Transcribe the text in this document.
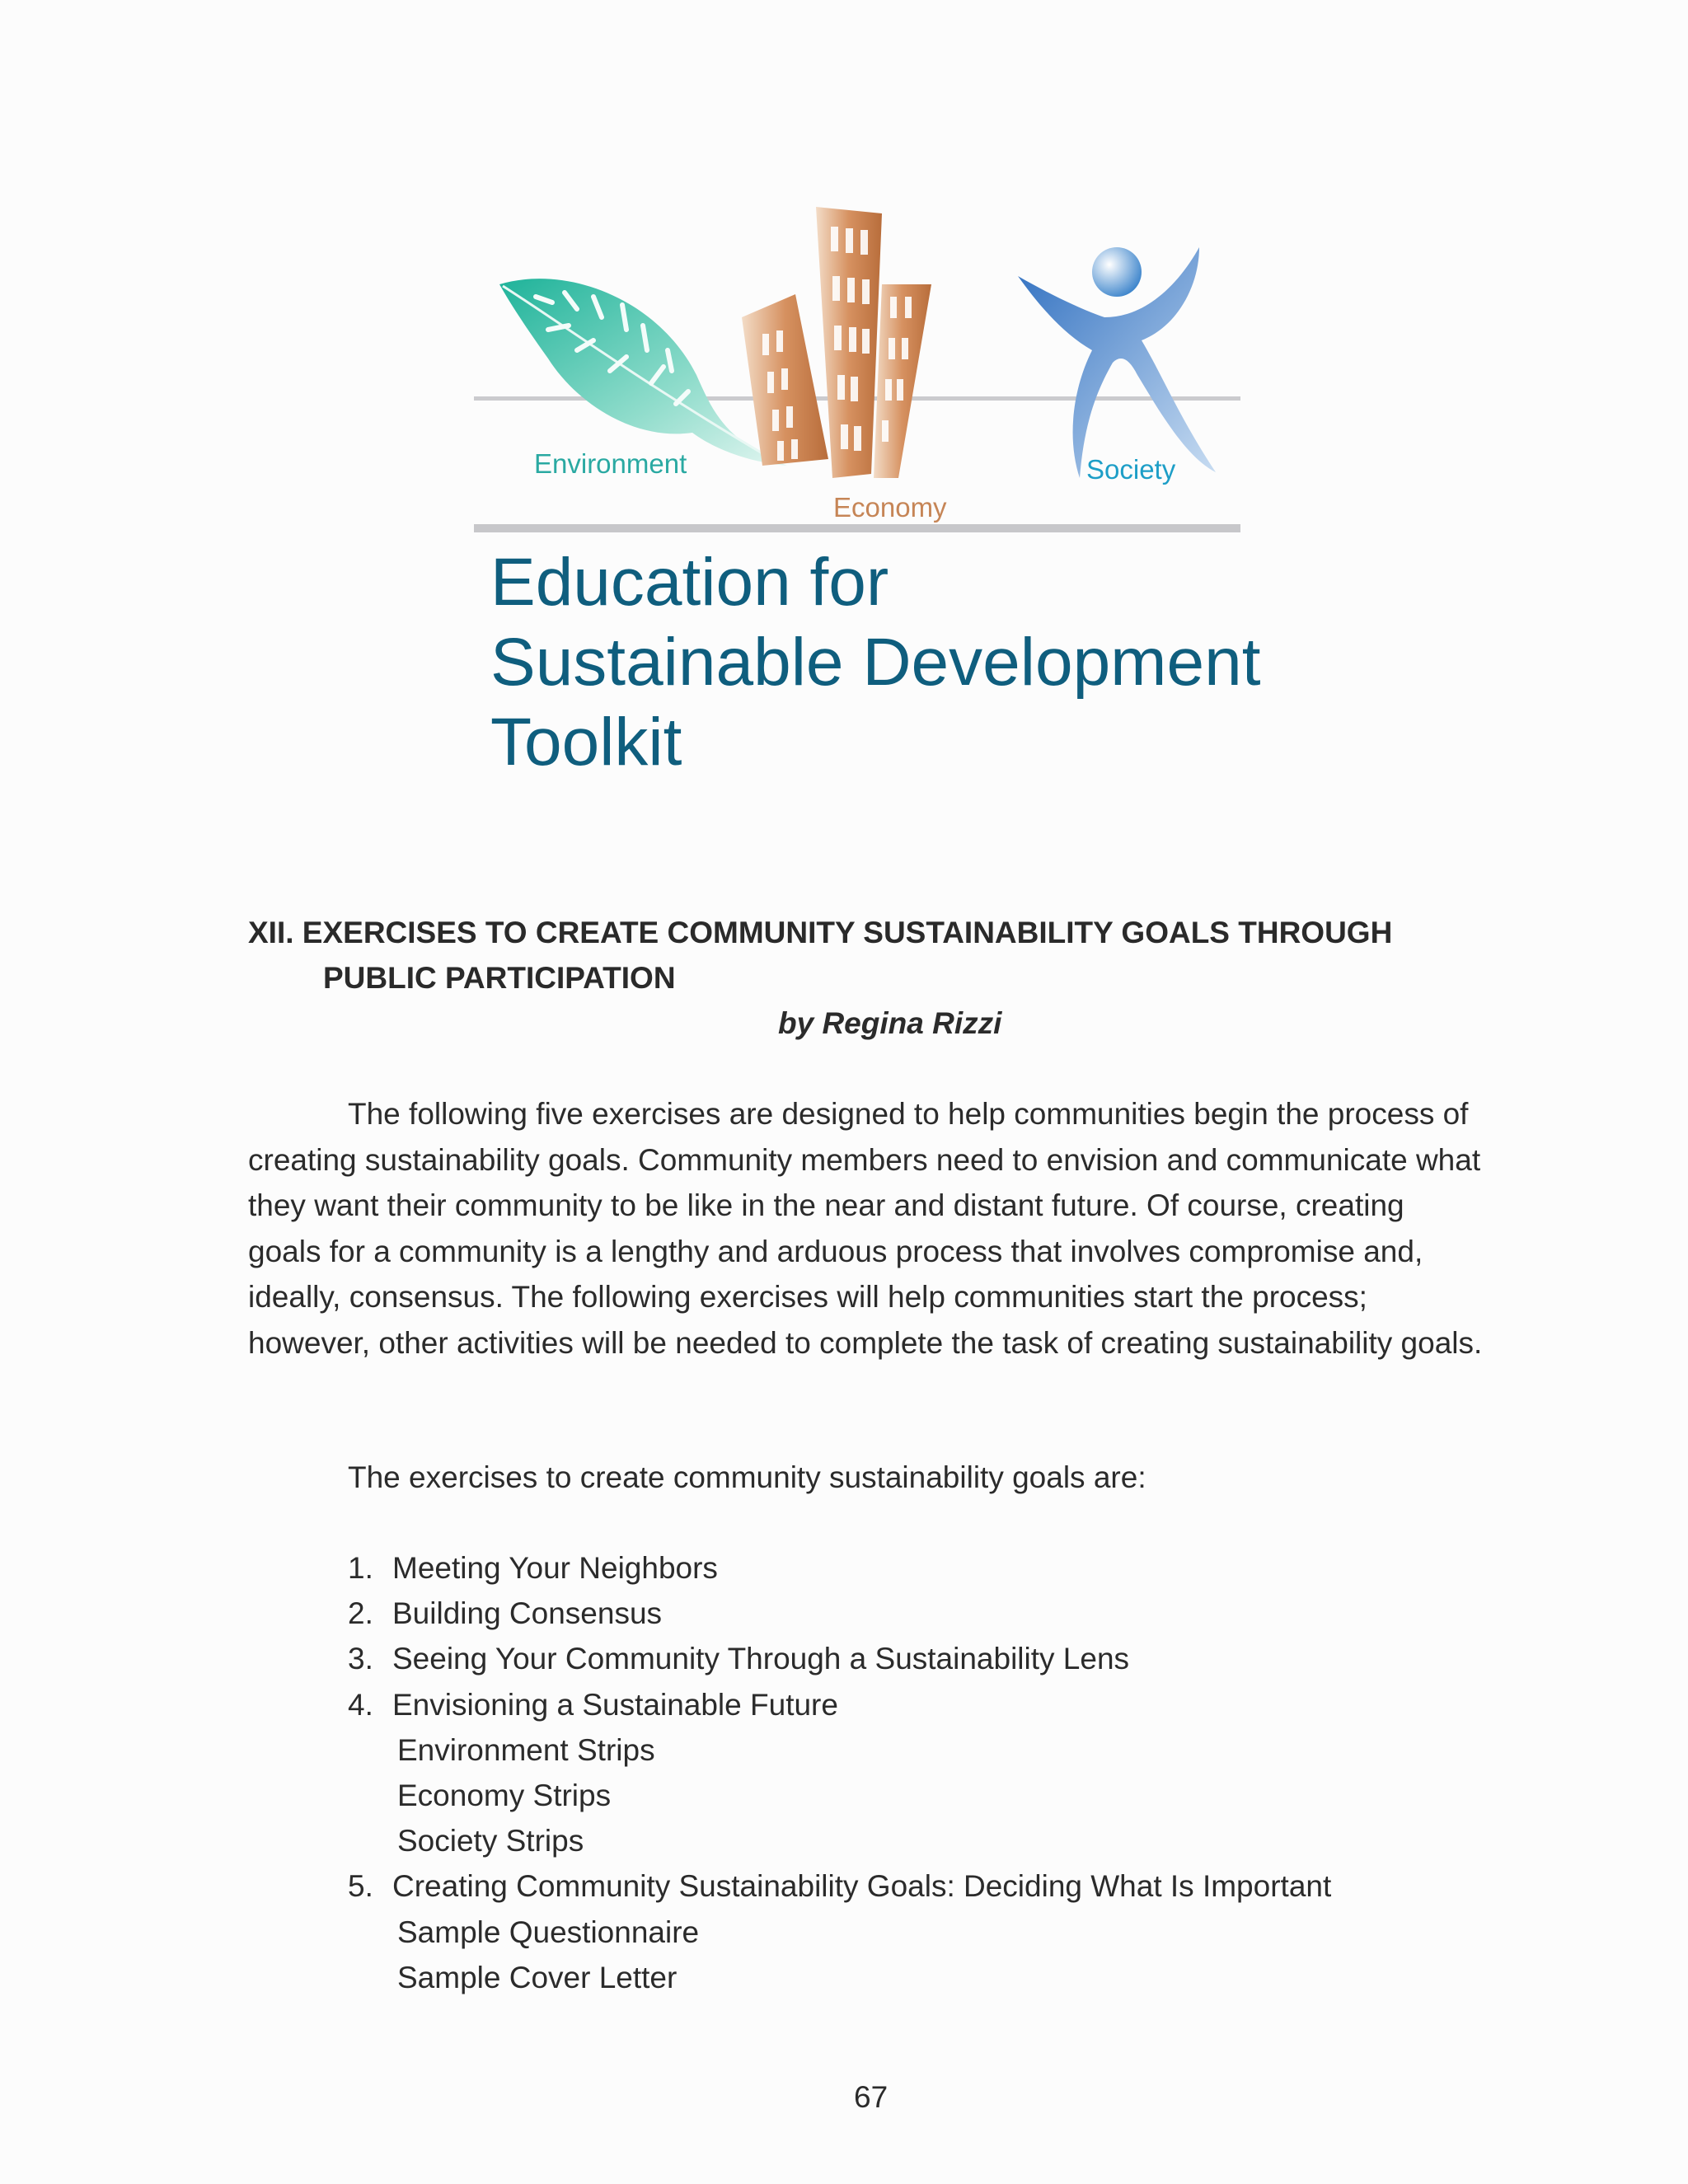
Environment
Economy
Society
Education for
Sustainable Development
Toolkit
XII. EXERCISES TO CREATE COMMUNITY SUSTAINABILITY GOALS THROUGH
PUBLIC PARTICIPATION
by Regina Rizzi
The following five exercises are designed to help communities begin the process of
creating sustainability goals. Community members need to envision and communicate what
they want their community to be like in the near and distant future. Of course, creating
goals for a community is a lengthy and arduous process that involves compromise and,
ideally, consensus. The following exercises will help communities start the process;
however, other activities will be needed to complete the task of creating sustainability goals.
The exercises to create community sustainability goals are:
1. Meeting Your Neighbors
2. Building Consensus
3. Seeing Your Community Through a Sustainability Lens
4. Envisioning a Sustainable Future
Environment Strips
Economy Strips
Society Strips
5. Creating Community Sustainability Goals: Deciding What Is Important
Sample Questionnaire
Sample Cover Letter
67
